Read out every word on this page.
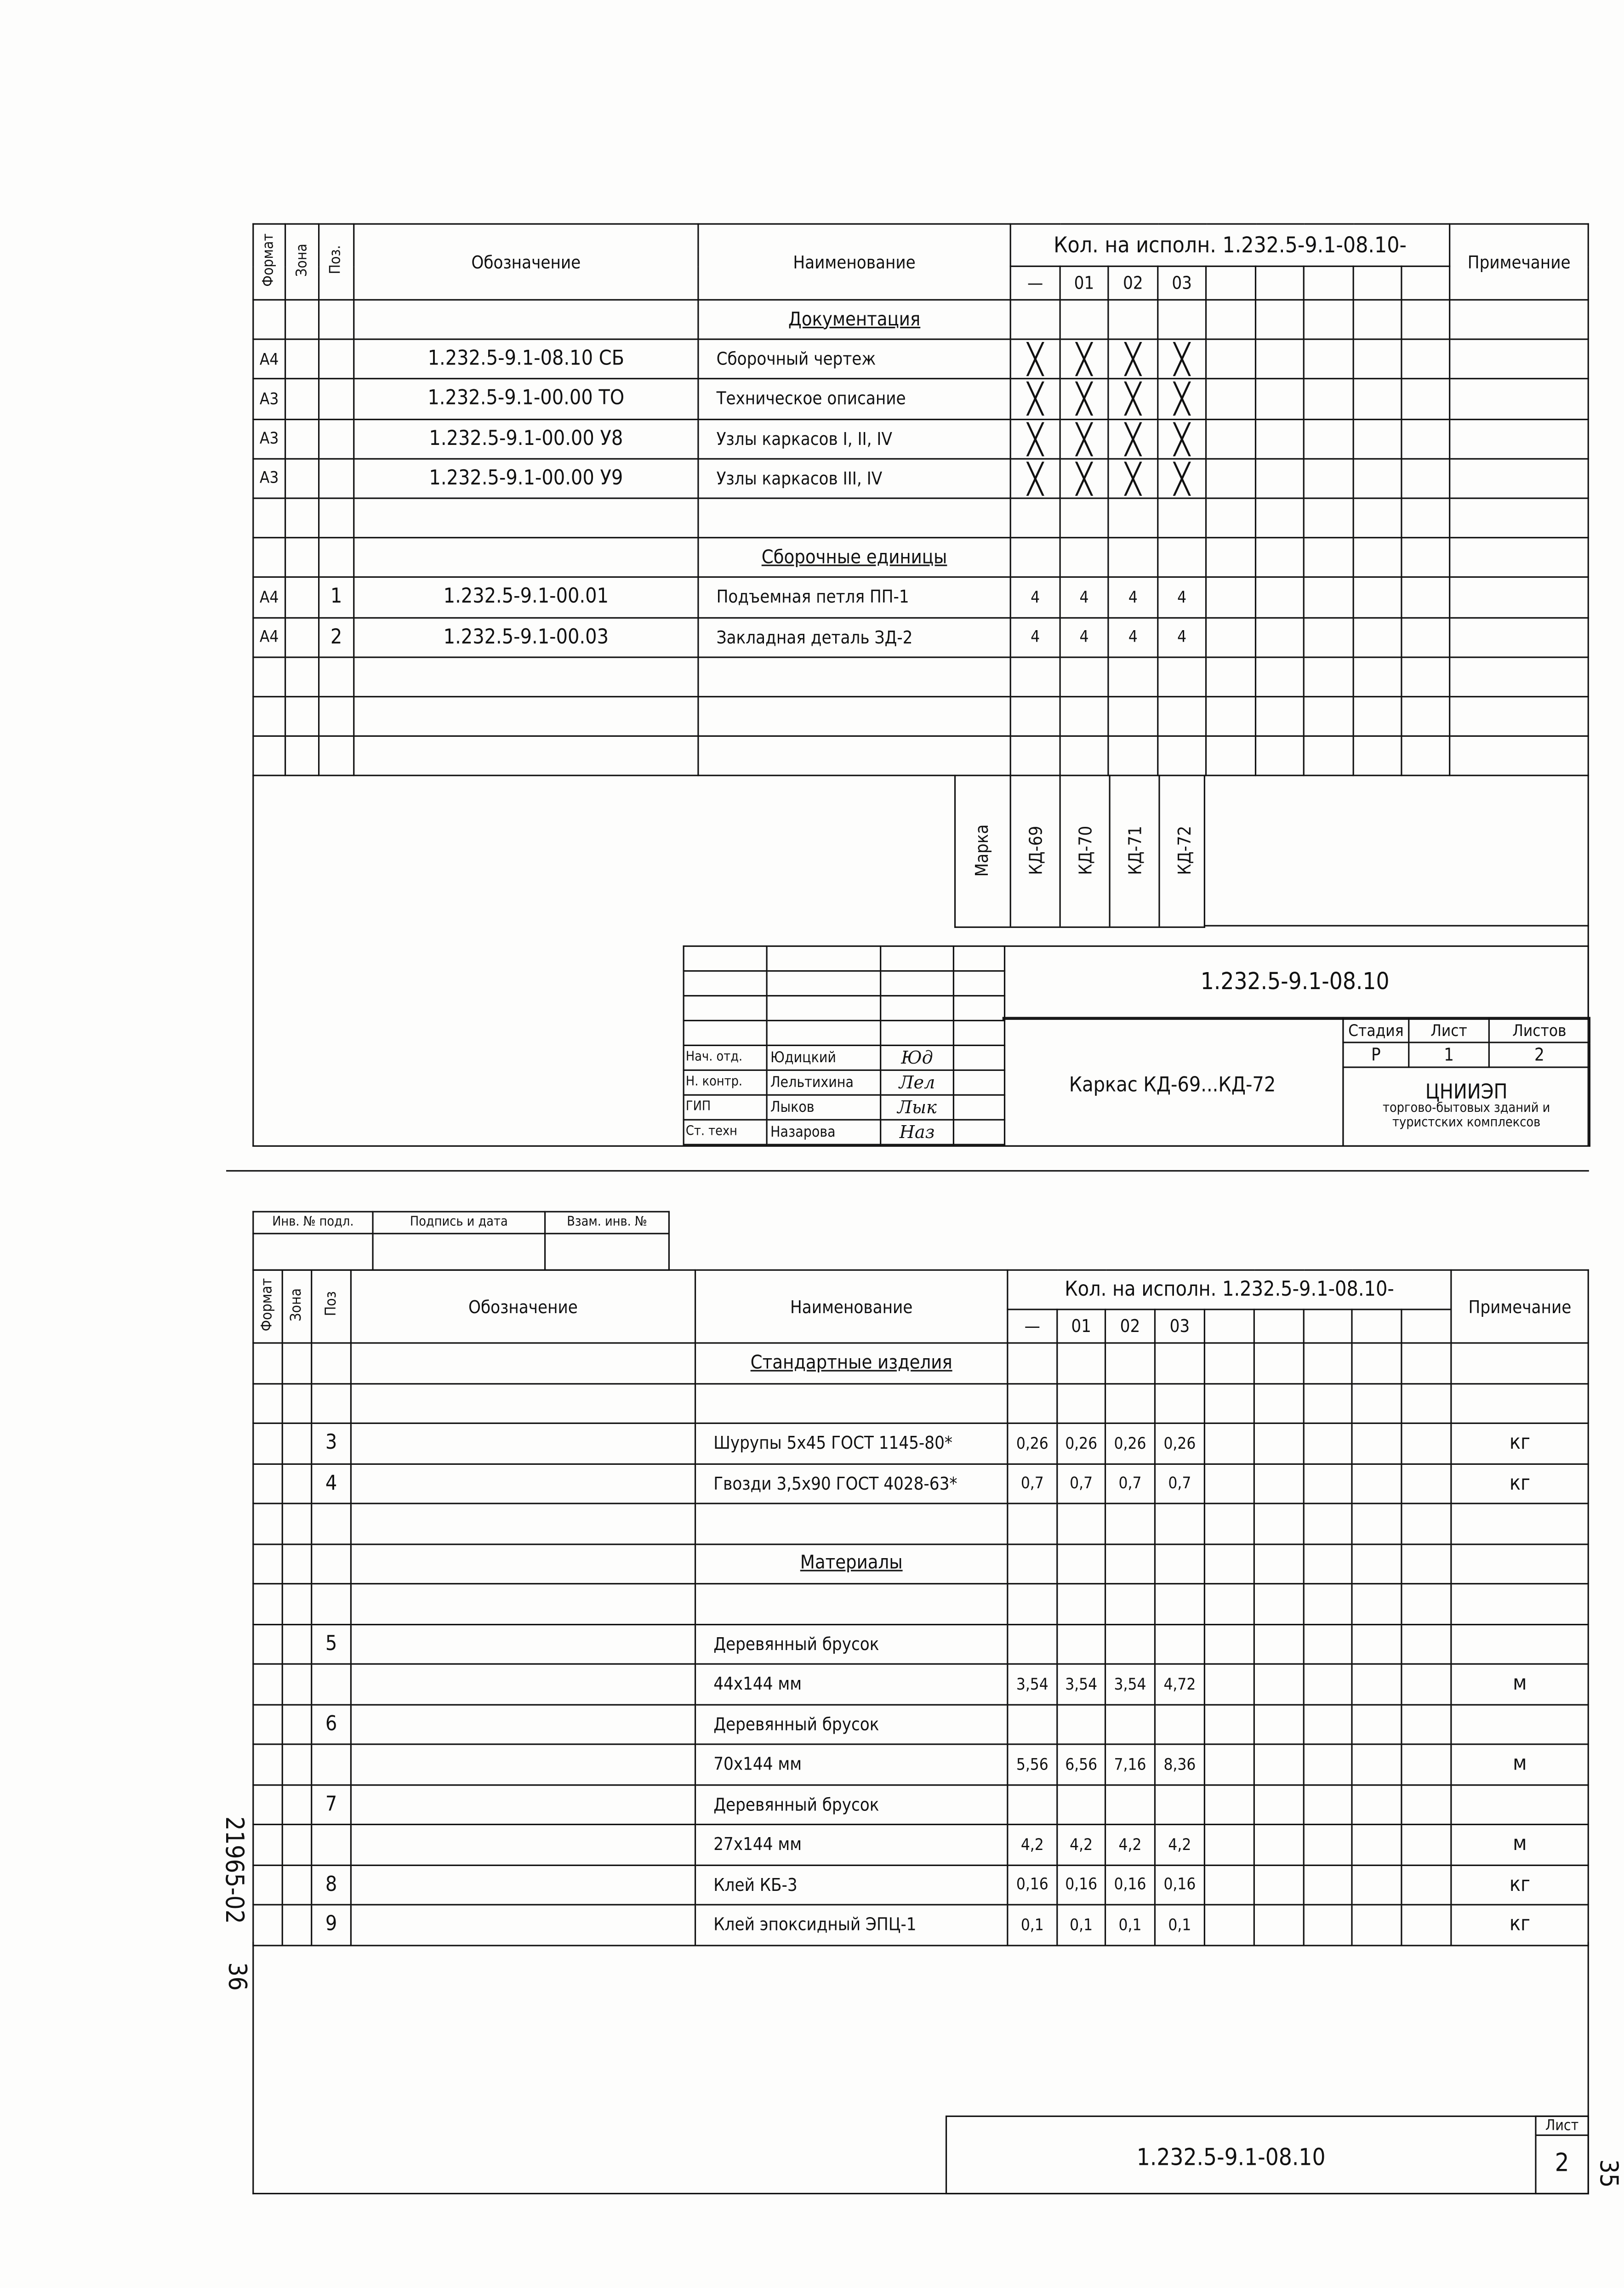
Формат	Зона	Поз.	Обозначение	Наименование	Кол. на исполн. 1.232.5-9.1-08.10-									Примечание
					—	01	02	03						
				Документация										
А4			1.232.5-9.1-08.10 СБ	Сборочный чертеж	╳	╳	╳	╳						
А3			1.232.5-9.1-00.00 ТО	Техническое описание	╳	╳	╳	╳						
А3			1.232.5-9.1-00.00 У8	Узлы каркасов I, II, IV	╳	╳	╳	╳						
А3			1.232.5-9.1-00.00 У9	Узлы каркасов III, IV	╳	╳	╳	╳						

				Сборочные единицы										
А4		1	1.232.5-9.1-00.01	Подъемная петля ПП-1	4	4	4	4						
А4		2	1.232.5-9.1-00.03	Закладная деталь ЗД-2	4	4	4	4						

Марка	КД-69	КД-70	КД-71	КД-72

Нач. отд.	Юдицкий	Юд	
Н. контр.	Лельтихина	Лел	
ГИП	Лыков	Лык	
Ст. техн	Назарова	Наз	
1.232.5-9.1-08.10
Каркас КД-69...КД-72
Стадия	Лист	Листов
Р	1	2

ЦНИИЭП
торгово-бытовых зданий и
туристских комплексов		
Инв. № подл.	Подпись и дата	Взам. инв. №

Формат	Зона	Поз	Обозначение	Наименование	Кол. на исполн. 1.232.5-9.1-08.10-									Примечание
					—	01	02	03						
				Стандартные изделия										

		3		Шурупы 5х45 ГОСТ 1145-80*	0,26	0,26	0,26	0,26						кг
		4		Гвозди 3,5х90 ГОСТ 4028-63*	0,7	0,7	0,7	0,7						кг

				Материалы										

		5		Деревянный брусок										
				44х144 мм	3,54	3,54	3,54	4,72						м
		6		Деревянный брусок										
				70х144 мм	5,56	6,56	7,16	8,36						м
		7		Деревянный брусок										
				27х144 мм	4,2	4,2	4,2	4,2						м
		8		Клей КБ-3	0,16	0,16	0,16	0,16						кг
		9		Клей эпоксидный ЭПЦ-1	0,1	0,1	0,1	0,1						кг
1.232.5-9.1-08.10
Лист
2
21965-02
36
35
